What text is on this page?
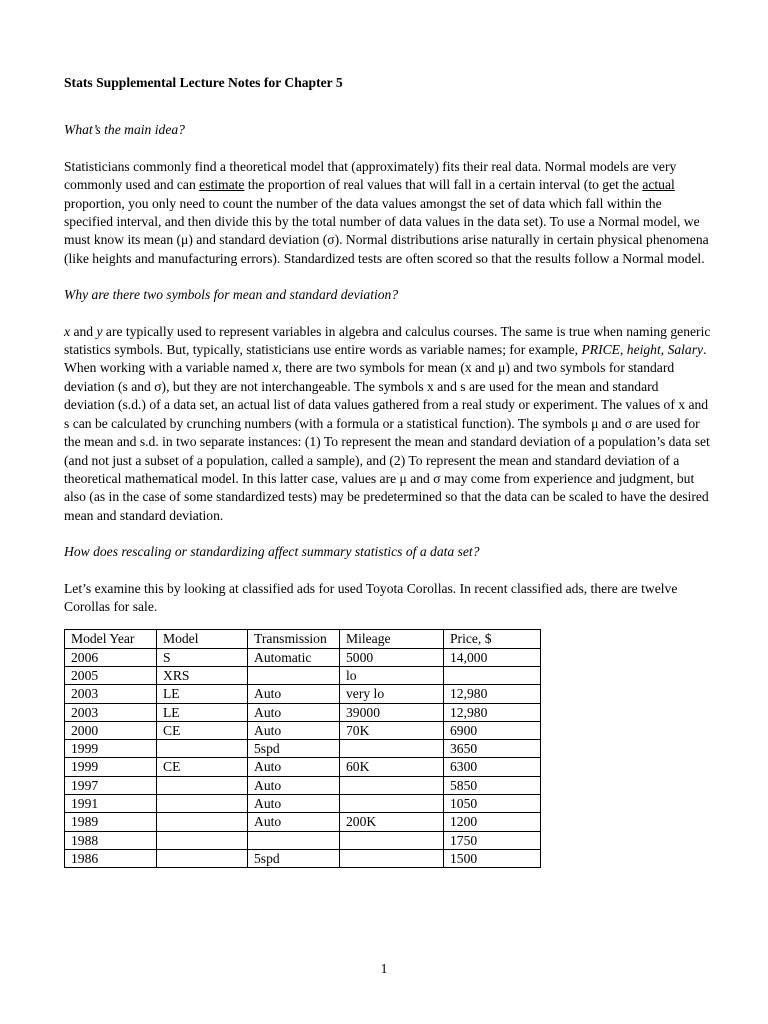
Stats Supplemental Lecture Notes for Chapter 5

What’s the main idea?

Statisticians commonly find a theoretical model that (approximately) fits their real data. Normal models are very commonly used and can estimate the proportion of real values that will fall in a certain interval (to get the actual proportion, you only need to count the number of the data values amongst the set of data which fall within the specified interval, and then divide this by the total number of data values in the data set). To use a Normal model, we must know its mean (μ) and standard deviation (σ). Normal distributions arise naturally in certain physical phenomena (like heights and manufacturing errors). Standardized tests are often scored so that the results follow a Normal model.

Why are there two symbols for mean and standard deviation?

x and y are typically used to represent variables in algebra and calculus courses. The same is true when naming generic statistics symbols. But, typically, statisticians use entire words as variable names; for example, PRICE, height, Salary. When working with a variable named x, there are two symbols for mean (x and μ) and two symbols for standard deviation (s and σ), but they are not interchangeable. The symbols x and s are used for the mean and standard deviation (s.d.) of a data set, an actual list of data values gathered from a real study or experiment. The values of x and s can be calculated by crunching numbers (with a formula or a statistical function). The symbols μ and σ are used for the mean and s.d. in two separate instances: (1) To represent the mean and standard deviation of a population’s data set (and not just a subset of a population, called a sample), and (2) To represent the mean and standard deviation of a theoretical mathematical model. In this latter case, values are μ and σ may come from experience and judgment, but also (as in the case of some standardized tests) may be predetermined so that the data can be scaled to have the desired mean and standard deviation.

How does rescaling or standardizing affect summary statistics of a data set?

Let’s examine this by looking at classified ads for used Toyota Corollas. In recent classified ads, there are twelve Corollas for sale.

Model Year	Model	Transmission	Mileage	Price, $
2006	S	Automatic	5000	14,000
2005	XRS		lo	
2003	LE	Auto	very lo	12,980
2003	LE	Auto	39000	12,980
2000	CE	Auto	70K	6900
1999		5spd		3650
1999	CE	Auto	60K	6300
1997		Auto		5850
1991		Auto		1050
1989		Auto	200K	1200
1988				1750
1986		5spd		1500
1
